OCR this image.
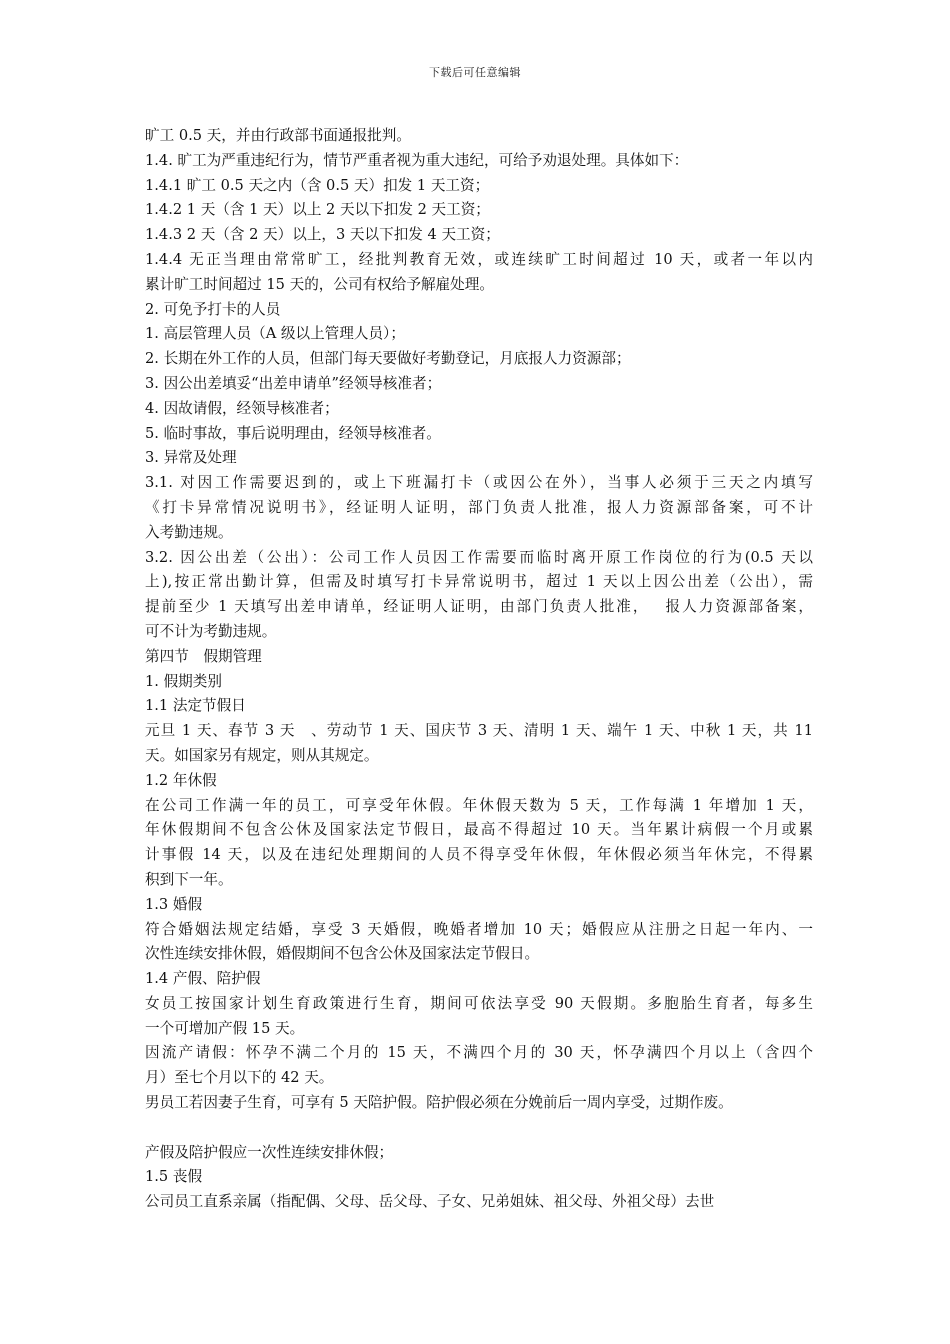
下载后可任意编辑
旷工 0.5 天，并由行政部书面通报批判。
1.4. 旷工为严重违纪行为，情节严重者视为重大违纪，可给予劝退处理。具体如下：
1.4.1 旷工 0.5 天之内（含 0.5 天）扣发 1 天工资；
1.4.2 1 天（含 1 天）以上 2 天以下扣发 2 天工资；
1.4.3 2 天（含 2 天）以上，3 天以下扣发 4 天工资；
1.4.4 无正当理由常常旷工，经批判教育无效，或连续旷工时间超过 10 天，或者一年以内
累计旷工时间超过 15 天的，公司有权给予解雇处理。
2. 可免予打卡的人员
1. 高层管理人员（A 级以上管理人员）；
2. 长期在外工作的人员，但部门每天要做好考勤登记，月底报人力资源部；
3. 因公出差填妥“出差申请单”经领导核准者；
4. 因故请假，经领导核准者；
5. 临时事故，事后说明理由，经领导核准者。
3. 异常及处理
3.1. 对因工作需要迟到的，或上下班漏打卡（或因公在外），当事人必须于三天之内填写
《打卡异常情况说明书》，经证明人证明，部门负责人批准，报人力资源部备案，可不计
入考勤违规。
3.2. 因公出差（公出）：公司工作人员因工作需要而临时离开原工作岗位的行为(0.5 天以
上),按正常出勤计算，但需及时填写打卡异常说明书，超过 1 天以上因公出差（公出），需
提前至少 1 天填写出差申请单，经证明人证明，由部门负责人批准，　 报人力资源部备案，
可不计为考勤违规。
第四节　假期管理
1. 假期类别
1.1 法定节假日
元旦 1 天、春节 3 天　、劳动节 1 天、国庆节 3 天、清明 1 天、端午 1 天、中秋 1 天，共 11
天。如国家另有规定，则从其规定。
1.2 年休假
在公司工作满一年的员工，可享受年休假。年休假天数为 5 天，工作每满 1 年增加 1 天，
年休假期间不包含公休及国家法定节假日，最高不得超过 10 天。当年累计病假一个月或累
计事假 14 天，以及在违纪处理期间的人员不得享受年休假，年休假必须当年休完，不得累
积到下一年。
1.3 婚假
符合婚姻法规定结婚，享受 3 天婚假，晚婚者增加 10 天；婚假应从注册之日起一年内、一
次性连续安排休假，婚假期间不包含公休及国家法定节假日。
1.4 产假、陪护假
女员工按国家计划生育政策进行生育，期间可依法享受 90 天假期。多胞胎生育者，每多生
一个可增加产假 15 天。
因流产请假：怀孕不满二个月的 15 天，不满四个月的 30 天，怀孕满四个月以上（含四个
月）至七个月以下的 42 天。
男员工若因妻子生育，可享有 5 天陪护假。陪护假必须在分娩前后一周内享受，过期作废。
产假及陪护假应一次性连续安排休假；
1.5 丧假
公司员工直系亲属（指配偶、父母、岳父母、子女、兄弟姐妹、祖父母、外祖父母）去世
